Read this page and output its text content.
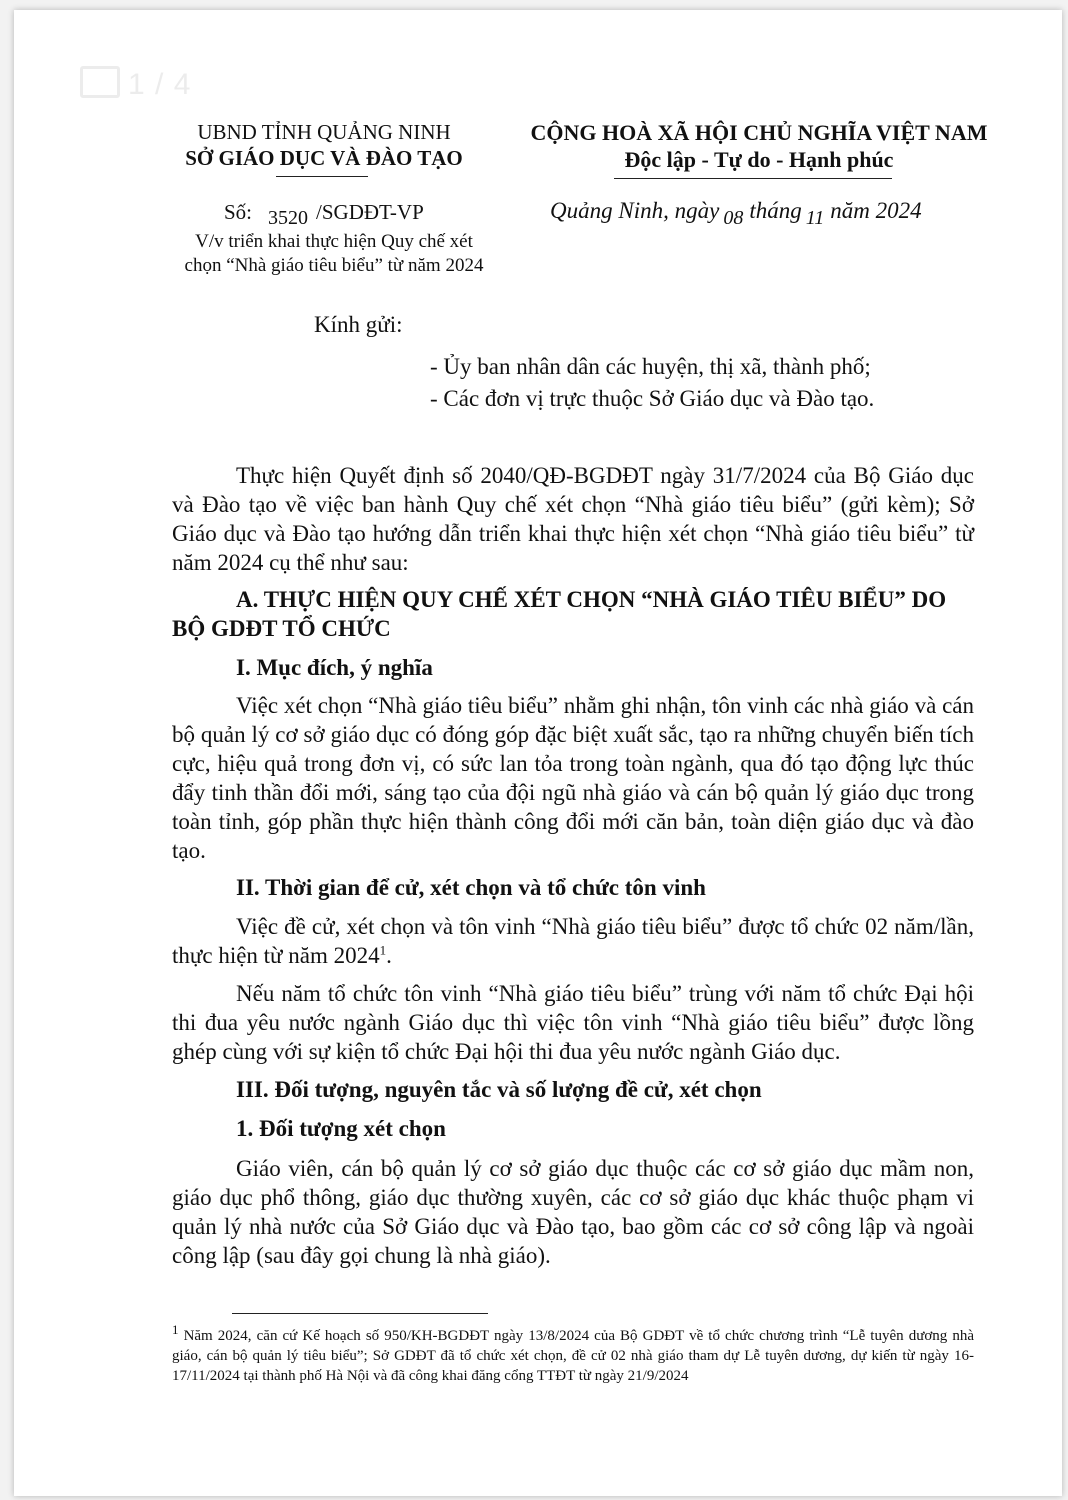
1 / 4
UBND TỈNH QUẢNG NINH
SỞ GIÁO DỤC VÀ ĐÀO TẠO
CỘNG HOÀ XÃ HỘI CHỦ NGHĨA VIỆT NAM
Độc lập - Tự do - Hạnh phúc
Số: 3520 /SGDĐT-VP
V/v triển khai thực hiện Quy chế xét
chọn “Nhà giáo tiêu biểu” từ năm 2024
Quảng Ninh, ngày 08 tháng 11 năm 2024
Kính gửi:
- Ủy ban nhân dân các huyện, thị xã, thành phố;
- Các đơn vị trực thuộc Sở Giáo dục và Đào tạo.
Thực hiện Quyết định số 2040/QĐ-BGDĐT ngày 31/7/2024 của Bộ Giáo dục và Đào tạo về việc ban hành Quy chế xét chọn “Nhà giáo tiêu biểu” (gửi kèm); Sở Giáo dục và Đào tạo hướng dẫn triển khai thực hiện xét chọn “Nhà giáo tiêu biểu” từ năm 2024 cụ thể như sau:
A. THỰC HIỆN QUY CHẾ XÉT CHỌN “NHÀ GIÁO TIÊU BIỂU” DO BỘ GDĐT TỔ CHỨC
I. Mục đích, ý nghĩa
Việc xét chọn “Nhà giáo tiêu biểu” nhằm ghi nhận, tôn vinh các nhà giáo và cán bộ quản lý cơ sở giáo dục có đóng góp đặc biệt xuất sắc, tạo ra những chuyển biến tích cực, hiệu quả trong đơn vị, có sức lan tỏa trong toàn ngành, qua đó tạo động lực thúc đẩy tinh thần đổi mới, sáng tạo của đội ngũ nhà giáo và cán bộ quản lý giáo dục trong toàn tỉnh, góp phần thực hiện thành công đổi mới căn bản, toàn diện giáo dục và đào tạo.
II. Thời gian để cử, xét chọn và tổ chức tôn vinh
Việc đề cử, xét chọn và tôn vinh “Nhà giáo tiêu biểu” được tổ chức 02 năm/lần, thực hiện từ năm 2024$^1$.
Nếu năm tổ chức tôn vinh “Nhà giáo tiêu biểu” trùng với năm tổ chức Đại hội thi đua yêu nước ngành Giáo dục thì việc tôn vinh “Nhà giáo tiêu biểu” được lồng ghép cùng với sự kiện tổ chức Đại hội thi đua yêu nước ngành Giáo dục.
III. Đối tượng, nguyên tắc và số lượng đề cử, xét chọn
1. Đối tượng xét chọn
Giáo viên, cán bộ quản lý cơ sở giáo dục thuộc các cơ sở giáo dục mầm non, giáo dục phổ thông, giáo dục thường xuyên, các cơ sở giáo dục khác thuộc phạm vi quản lý nhà nước của Sở Giáo dục và Đào tạo, bao gồm các cơ sở công lập và ngoài công lập (sau đây gọi chung là nhà giáo).
$^1$ Năm 2024, căn cứ Kế hoạch số 950/KH-BGDĐT ngày 13/8/2024 của Bộ GDĐT về tổ chức chương trình “Lễ tuyên dương nhà giáo, cán bộ quản lý tiêu biểu”; Sở GDĐT đã tổ chức xét chọn, đề cử 02 nhà giáo tham dự Lễ tuyên dương, dự kiến từ ngày 16-17/11/2024 tại thành phố Hà Nội và đã công khai đăng cổng TTĐT từ ngày 21/9/2024
